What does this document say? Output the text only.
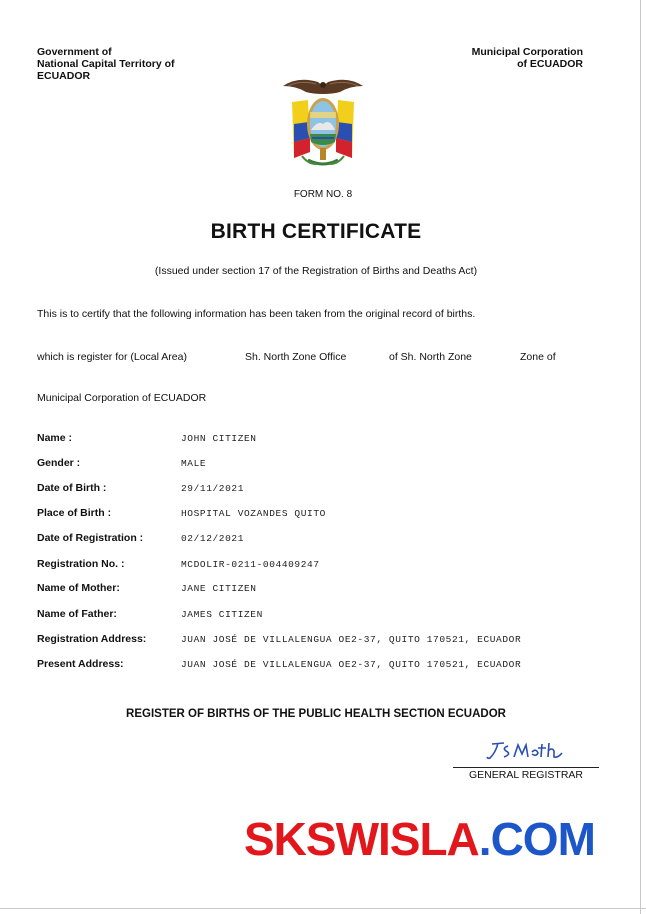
Government of
National Capital Territory of
ECUADOR
Municipal Corporation
of ECUADOR
FORM NO. 8
BIRTH CERTIFICATE
(Issued under section 17 of the Registration of Births and Deaths Act)
This is to certify that the following information has been taken from the original record of births.
which is register for (Local Area)	Sh. North Zone Office	of Sh. North Zone	Zone of
Municipal Corporation of ECUADOR
Name :	JOHN CITIZEN
Gender :	MALE
Date of Birth :	29/11/2021
Place of Birth :	HOSPITAL VOZANDES QUITO
Date of Registration :	02/12/2021
Registration No. :	MCDOLIR-0211-004409247
Name of Mother:	JANE CITIZEN
Name of Father:	JAMES CITIZEN
Registration Address:	JUAN JOSÉ DE VILLALENGUA OE2-37, QUITO 170521, ECUADOR
Present Address:	JUAN JOSÉ DE VILLALENGUA OE2-37, QUITO 170521, ECUADOR
REGISTER OF BIRTHS OF THE PUBLIC HEALTH SECTION ECUADOR
GENERAL REGISTRAR
SKSWISLA.COM
